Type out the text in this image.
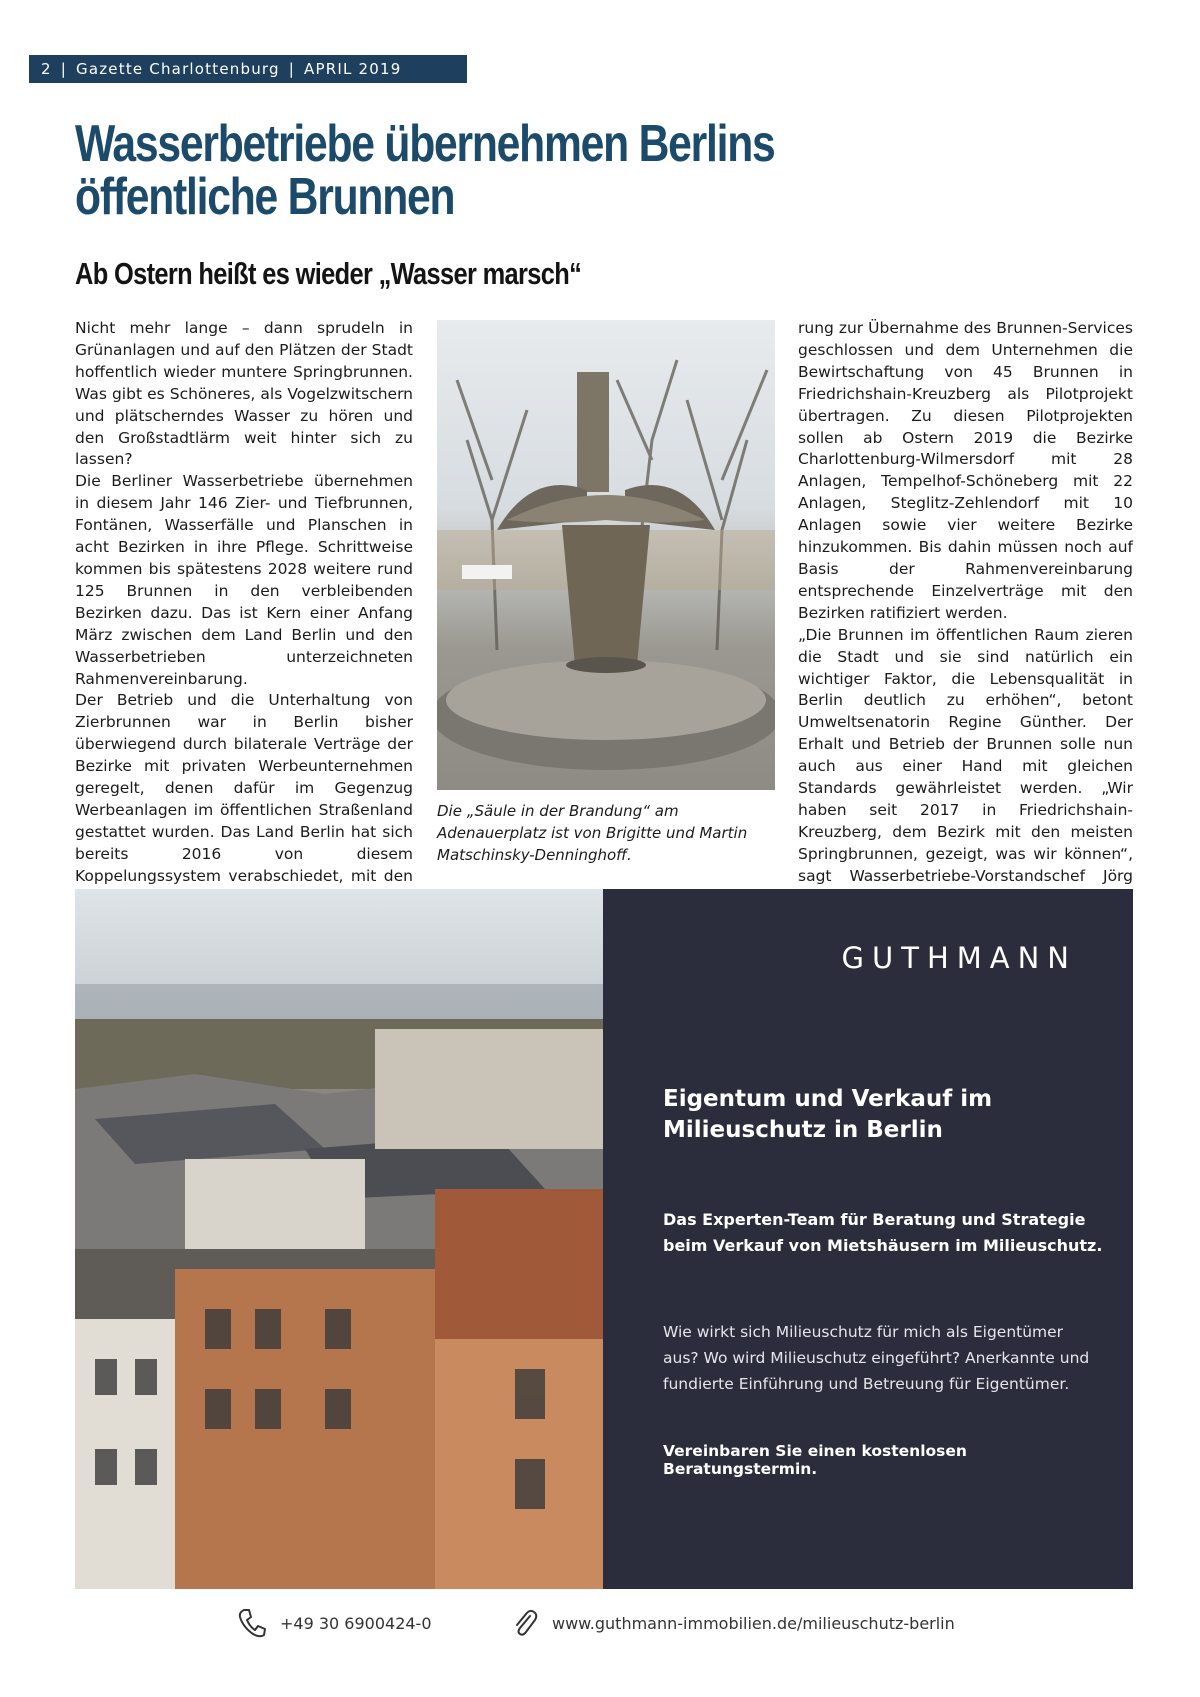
2 | Gazette Charlottenburg | APRIL 2019
Wasserbetriebe übernehmen Berlins öffentliche Brunnen
Ab Ostern heißt es wieder „Wasser marsch“

Nicht mehr lange – dann sprudeln in Grünanlagen und auf den Plätzen der Stadt hoffentlich wieder muntere Springbrunnen. Was gibt es Schöneres, als Vogelzwitschern und plätscherndes Wasser zu hören und den Großstadtlärm weit hinter sich zu lassen?

Die Berliner Wasserbetriebe übernehmen in diesem Jahr 146 Zier- und Tiefbrunnen, Fontänen, Wasserfälle und Planschen in acht Bezirken in ihre Pflege. Schrittweise kommen bis spätestens 2028 weitere rund 125 Brunnen in den verbleibenden Bezirken dazu. Das ist Kern einer Anfang März zwischen dem Land Berlin und den Wasserbetrieben unterzeichneten Rahmenvereinbarung.

Der Betrieb und die Unterhaltung von Zierbrunnen war in Berlin bisher überwiegend durch bilaterale Verträge der Bezirke mit privaten Werbeunternehmen geregelt, denen dafür im Gegenzug Werbeanlagen im öffentlichen Straßenland gestattet wurden. Das Land Berlin hat sich bereits 2016 von diesem Koppelungssystem verabschiedet, mit den

Die „Säule in der Brandung“ am Adenauerplatz ist von Brigitte und Martin Matschinsky-Denninghoff.

rung zur Übernahme des Brunnen-Services geschlossen und dem Unternehmen die Bewirtschaftung von 45 Brunnen in Friedrichshain-Kreuzberg als Pilotprojekt übertragen. Zu diesen Pilotprojekten sollen ab Ostern 2019 die Bezirke Charlottenburg-Wilmersdorf mit 28 Anlagen, Tempelhof-Schöneberg mit 22 Anlagen, Steglitz-Zehlendorf mit 10 Anlagen sowie vier weitere Bezirke hinzukommen. Bis dahin müssen noch auf Basis der Rahmenvereinbarung entsprechende Einzelverträge mit den Bezirken ratifiziert werden.

„Die Brunnen im öffentlichen Raum zieren die Stadt und sie sind natürlich ein wichtiger Faktor, die Lebensqualität in Berlin deutlich zu erhöhen“, betont Umweltsenatorin Regine Günther. Der Erhalt und Betrieb der Brunnen solle nun auch aus einer Hand mit gleichen Standards gewährleistet werden. „Wir haben seit 2017 in Friedrichshain-Kreuzberg, dem Bezirk mit den meisten Springbrunnen, gezeigt, was wir können“, sagt Wasserbetriebe-Vorstandschef Jörg

GUTHMANN
Eigentum und Verkauf im Milieuschutz in Berlin
Das Experten-Team für Beratung und Strategie beim Verkauf von Mietshäusern im Milieuschutz.
Wie wirkt sich Milieuschutz für mich als Eigentümer aus? Wo wird Milieuschutz eingeführt? Anerkannte und fundierte Einführung und Betreuung für Eigentümer.
Vereinbaren Sie einen kostenlosen Beratungstermin.
+49 30 6900424-0	www.guthmann-immobilien.de/milieuschutz-berlin
